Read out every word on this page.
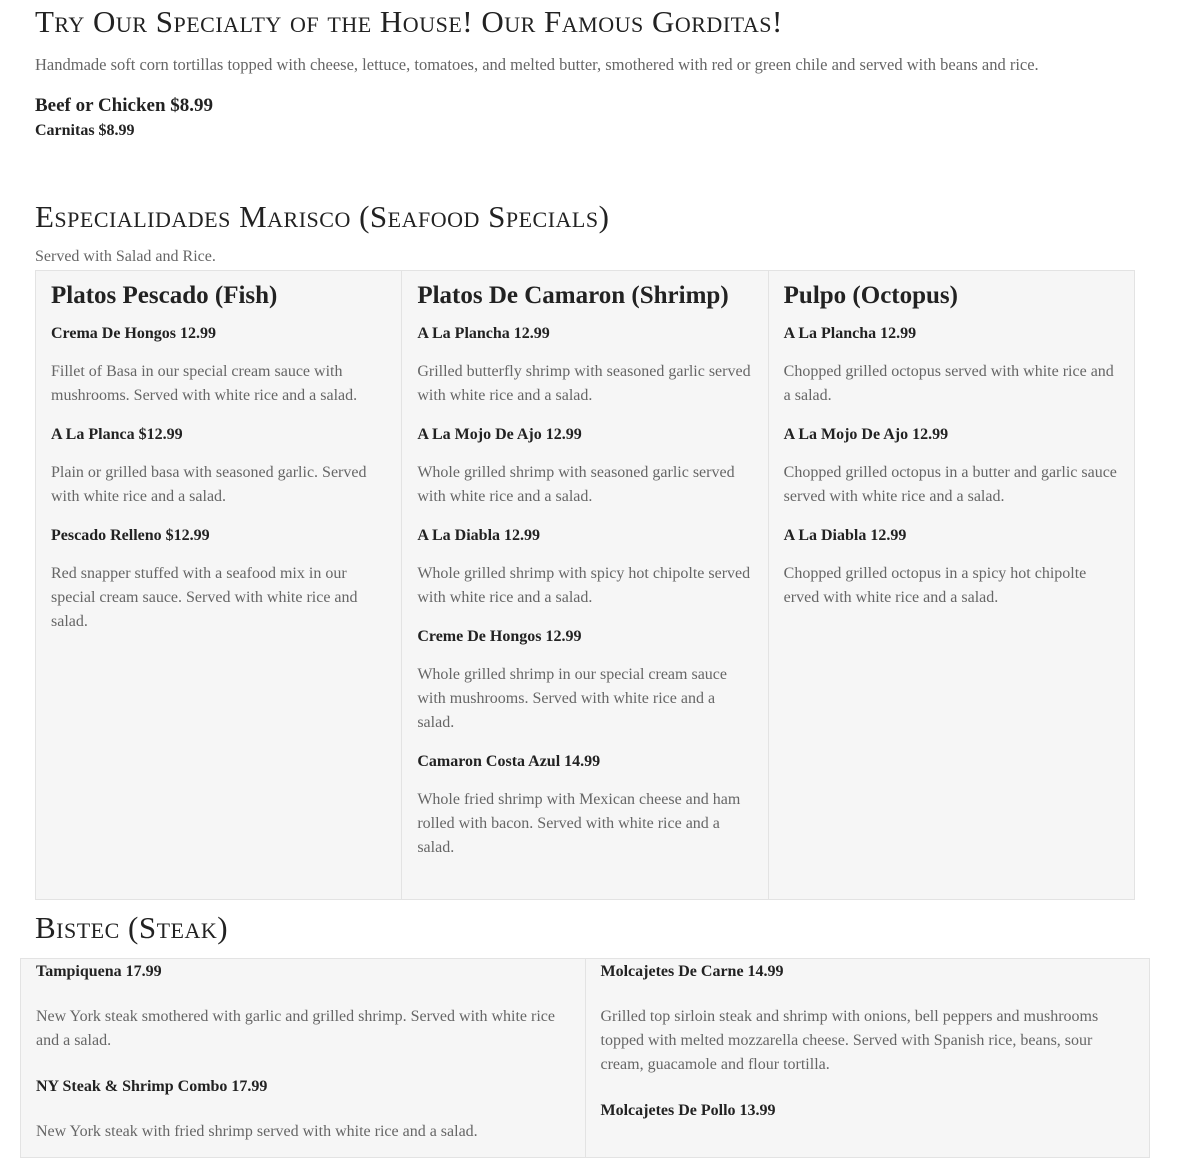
Try Our Specialty of the House! Our Famous Gorditas!

Handmade soft corn tortillas topped with cheese, lettuce, tomatoes, and melted butter, smothered with red or green chile and served with beans and rice.

Beef or Chicken $8.99

Carnitas $8.99

Especialidades Marisco (Seafood Specials)

Served with Salad and Rice.

Platos Pescado (Fish)

Crema De Hongos 12.99

Fillet of Basa in our special cream sauce with mushrooms. Served with white rice and a salad.

A La Planca $12.99

Plain or grilled basa with seasoned garlic. Served with white rice and a salad.

Pescado Relleno $12.99

Red snapper stuffed with a seafood mix in our special cream sauce. Served with white rice and salad.

Platos De Camaron (Shrimp)

A La Plancha 12.99

Grilled butterfly shrimp with seasoned garlic served with white rice and a salad.

A La Mojo De Ajo 12.99

Whole grilled shrimp with seasoned garlic served with white rice and a salad.

A La Diabla 12.99

Whole grilled shrimp with spicy hot chipolte served with white rice and a salad.

Creme De Hongos 12.99

Whole grilled shrimp in our special cream sauce with mushrooms. Served with white rice and a salad.

Camaron Costa Azul 14.99

Whole fried shrimp with Mexican cheese and ham rolled with bacon. Served with white rice and a salad.

Pulpo (Octopus)

A La Plancha 12.99

Chopped grilled octopus served with white rice and a salad.

A La Mojo De Ajo 12.99

Chopped grilled octopus in a butter and garlic sauce served with white rice and a salad.

A La Diabla 12.99

Chopped grilled octopus in a spicy hot chipolte erved with white rice and a salad.

Bistec (Steak)

Tampiquena 17.99

New York steak smothered with garlic and grilled shrimp. Served with white rice and a salad.

NY Steak & Shrimp Combo 17.99

New York steak with fried shrimp served with white rice and a salad.

Molcajetes De Carne 14.99

Grilled top sirloin steak and shrimp with onions, bell peppers and mushrooms topped with melted mozzarella cheese. Served with Spanish rice, beans, sour cream, guacamole and flour tortilla.

Molcajetes De Pollo 13.99
